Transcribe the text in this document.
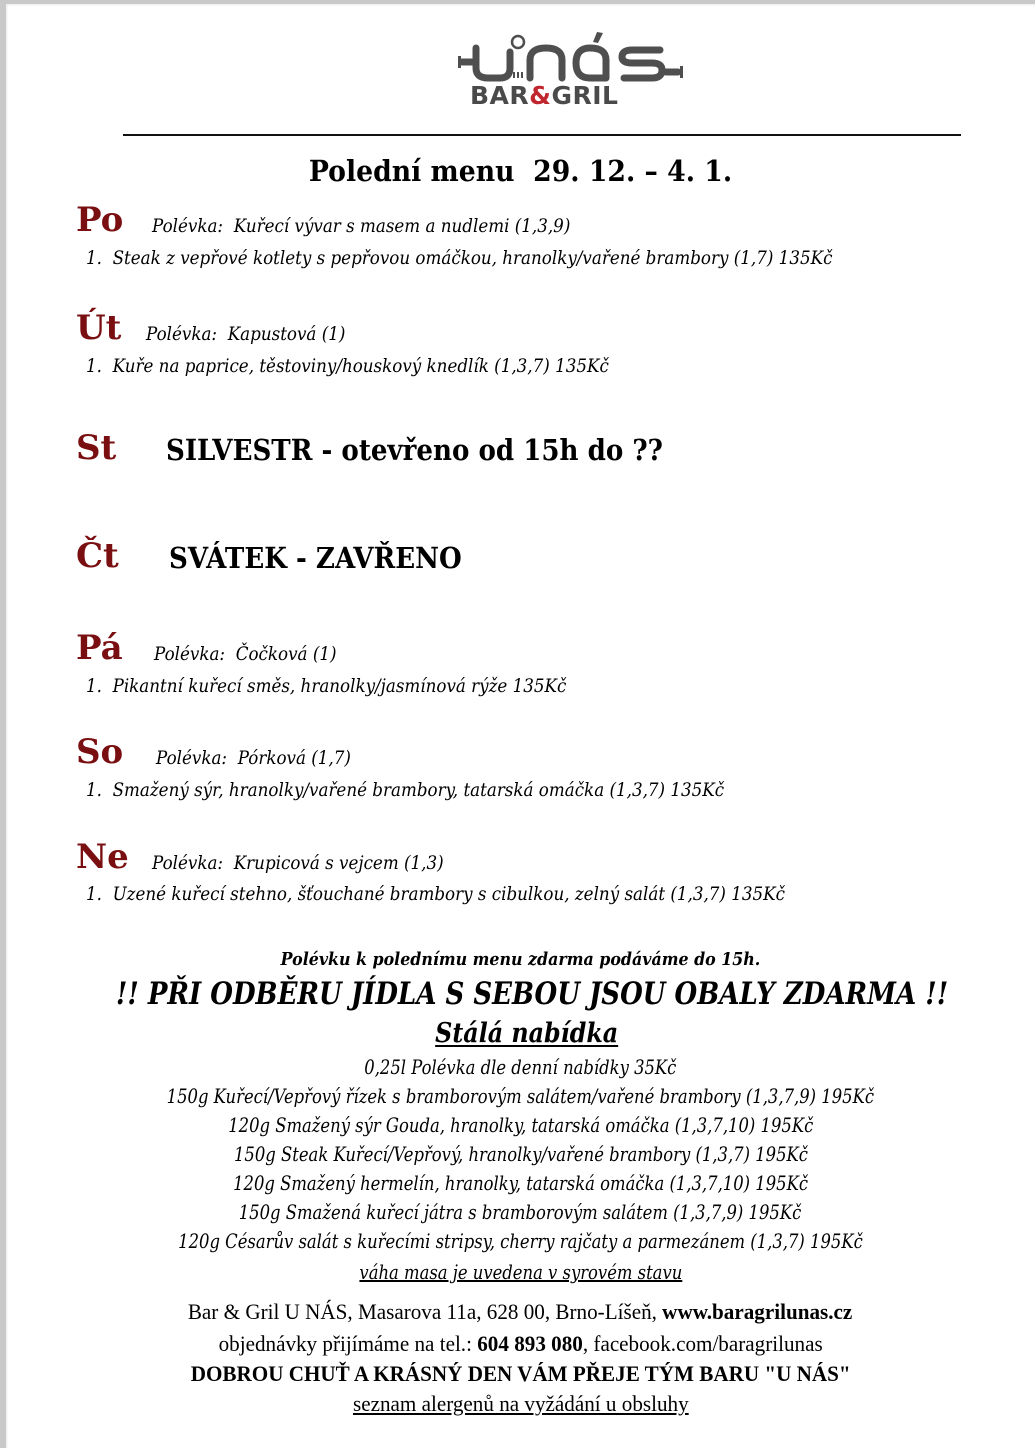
BAR&GRIL
Polední menu  29. 12. – 4. 1.
Po Polévka:  Kuřecí vývar s masem a nudlemi (1,3,9)
1.  Steak z vepřové kotlety s pepřovou omáčkou, hranolky/vařené brambory (1,7) 135Kč
Út Polévka:  Kapustová (1)
1.  Kuře na paprice, těstoviny/houskový knedlík (1,3,7) 135Kč
St SILVESTR - otevřeno od 15h do ??
Čt SVÁTEK - ZAVŘENO
Pá Polévka:  Čočková (1)
1.  Pikantní kuřecí směs, hranolky/jasmínová rýže 135Kč
So Polévka:  Pórková (1,7)
1.  Smažený sýr, hranolky/vařené brambory, tatarská omáčka (1,3,7) 135Kč
Ne Polévka:  Krupicová s vejcem (1,3)
1.  Uzené kuřecí stehno, šťouchané brambory s cibulkou, zelný salát (1,3,7) 135Kč
Polévku k polednímu menu zdarma podáváme do 15h.
!! PŘI ODBĚRU JÍDLA S SEBOU JSOU OBALY ZDARMA !!
Stálá nabídka
0,25l Polévka dle denní nabídky 35Kč
150g Kuřecí/Vepřový řízek s bramborovým salátem/vařené brambory (1,3,7,9) 195Kč
120g Smažený sýr Gouda, hranolky, tatarská omáčka (1,3,7,10) 195Kč
150g Steak Kuřecí/Vepřový, hranolky/vařené brambory (1,3,7) 195Kč
120g Smažený hermelín, hranolky, tatarská omáčka (1,3,7,10) 195Kč
150g Smažená kuřecí játra s bramborovým salátem (1,3,7,9) 195Kč
120g Césarův salát s kuřecími stripsy, cherry rajčaty a parmezánem (1,3,7) 195Kč
váha masa je uvedena v syrovém stavu
Bar & Gril U NÁS, Masarova 11a, 628 00, Brno-Líšeň, www.baragrilunas.cz
objednávky přijímáme na tel.: 604 893 080, facebook.com/baragrilunas
DOBROU CHUŤ A KRÁSNÝ DEN VÁM PŘEJE TÝM BARU "U NÁS"
seznam alergenů na vyžádání u obsluhy
